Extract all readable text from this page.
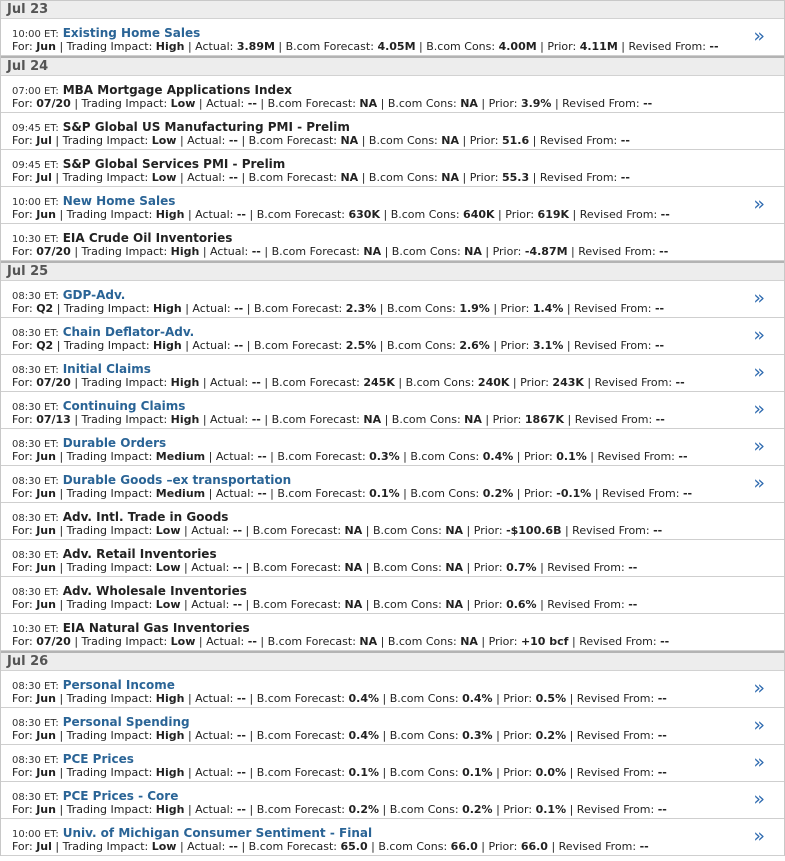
Jul 23
10:00 ET: Existing Home Sales
For: Jun | Trading Impact: High | Actual: 3.89M | B.com Forecast: 4.05M | B.com Cons: 4.00M | Prior: 4.11M | Revised From: -- »
Jul 24
07:00 ET: MBA Mortgage Applications Index
For: 07/20 | Trading Impact: Low | Actual: -- | B.com Forecast: NA | B.com Cons: NA | Prior: 3.9% | Revised From: --
09:45 ET: S&P Global US Manufacturing PMI - Prelim
For: Jul | Trading Impact: Low | Actual: -- | B.com Forecast: NA | B.com Cons: NA | Prior: 51.6 | Revised From: --
09:45 ET: S&P Global Services PMI - Prelim
For: Jul | Trading Impact: Low | Actual: -- | B.com Forecast: NA | B.com Cons: NA | Prior: 55.3 | Revised From: --
10:00 ET: New Home Sales
For: Jun | Trading Impact: High | Actual: -- | B.com Forecast: 630K | B.com Cons: 640K | Prior: 619K | Revised From: --	»
10:30 ET: EIA Crude Oil Inventories
For: 07/20 | Trading Impact: High | Actual: -- | B.com Forecast: NA | B.com Cons: NA | Prior: -4.87M | Revised From: --
Jul 25
08:30 ET: GDP-Adv.
For: Q2 | Trading Impact: High | Actual: -- | B.com Forecast: 2.3% | B.com Cons: 1.9% | Prior: 1.4% | Revised From: --	»
08:30 ET: Chain Deflator-Adv.
For: Q2 | Trading Impact: High | Actual: -- | B.com Forecast: 2.5% | B.com Cons: 2.6% | Prior: 3.1% | Revised From: --	»
08:30 ET: Initial Claims
For: 07/20 | Trading Impact: High | Actual: -- | B.com Forecast: 245K | B.com Cons: 240K | Prior: 243K | Revised From: --	»
08:30 ET: Continuing Claims
For: 07/13 | Trading Impact: High | Actual: -- | B.com Forecast: NA | B.com Cons: NA | Prior: 1867K | Revised From: --	»
08:30 ET: Durable Orders
For: Jun | Trading Impact: Medium | Actual: -- | B.com Forecast: 0.3% | B.com Cons: 0.4% | Prior: 0.1% | Revised From: --	»
08:30 ET: Durable Goods –ex transportation
For: Jun | Trading Impact: Medium | Actual: -- | B.com Forecast: 0.1% | B.com Cons: 0.2% | Prior: -0.1% | Revised From: --	»
08:30 ET: Adv. Intl. Trade in Goods
For: Jun | Trading Impact: Low | Actual: -- | B.com Forecast: NA | B.com Cons: NA | Prior: -$100.6B | Revised From: --
08:30 ET: Adv. Retail Inventories
For: Jun | Trading Impact: Low | Actual: -- | B.com Forecast: NA | B.com Cons: NA | Prior: 0.7% | Revised From: --
08:30 ET: Adv. Wholesale Inventories
For: Jun | Trading Impact: Low | Actual: -- | B.com Forecast: NA | B.com Cons: NA | Prior: 0.6% | Revised From: --
10:30 ET: EIA Natural Gas Inventories
For: 07/20 | Trading Impact: Low | Actual: -- | B.com Forecast: NA | B.com Cons: NA | Prior: +10 bcf | Revised From: --
Jul 26
08:30 ET: Personal Income
For: Jun | Trading Impact: High | Actual: -- | B.com Forecast: 0.4% | B.com Cons: 0.4% | Prior: 0.5% | Revised From: --	»
08:30 ET: Personal Spending
For: Jun | Trading Impact: High | Actual: -- | B.com Forecast: 0.4% | B.com Cons: 0.3% | Prior: 0.2% | Revised From: --	»
08:30 ET: PCE Prices
For: Jun | Trading Impact: High | Actual: -- | B.com Forecast: 0.1% | B.com Cons: 0.1% | Prior: 0.0% | Revised From: --	»
08:30 ET: PCE Prices - Core
For: Jun | Trading Impact: High | Actual: -- | B.com Forecast: 0.2% | B.com Cons: 0.2% | Prior: 0.1% | Revised From: --	»
10:00 ET: Univ. of Michigan Consumer Sentiment - Final
For: Jul | Trading Impact: Low | Actual: -- | B.com Forecast: 65.0 | B.com Cons: 66.0 | Prior: 66.0 | Revised From: --	»
